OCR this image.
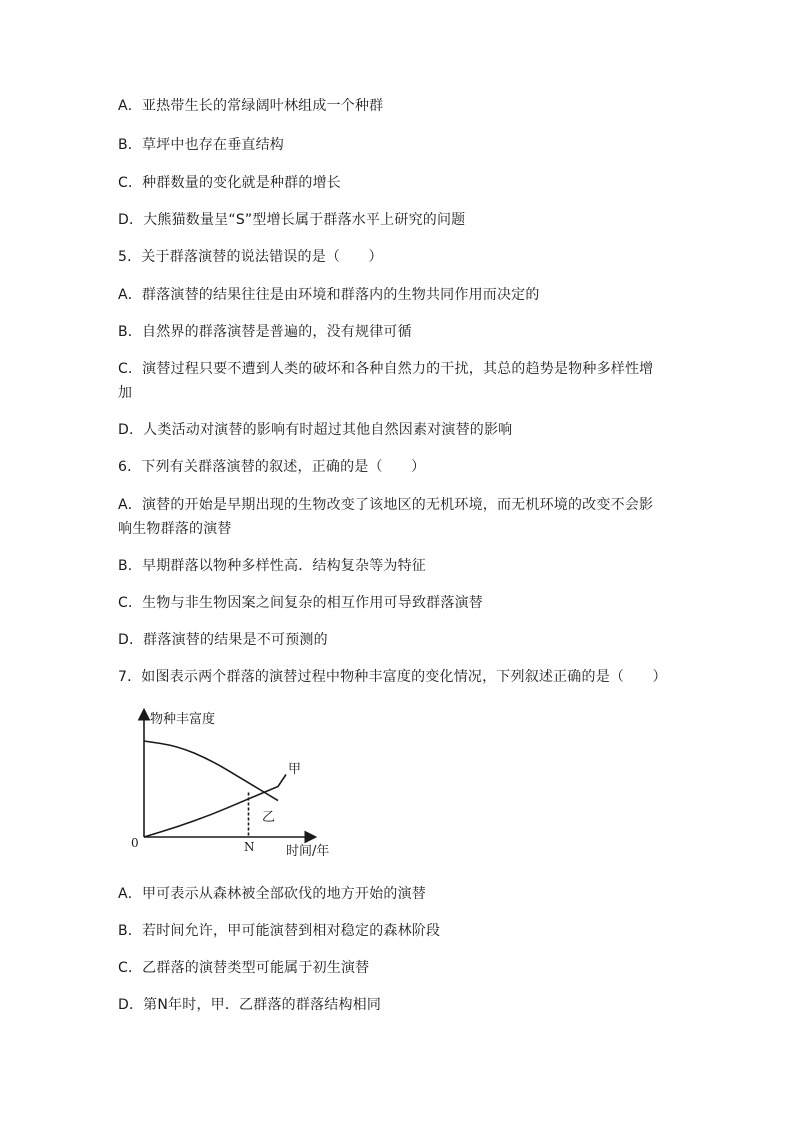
A．亚热带生长的常绿阔叶林组成一个种群
B．草坪中也存在垂直结构
C．种群数量的变化就是种群的增长
D．大熊猫数量呈“S”型增长属于群落水平上研究的问题
5．关于群落演替的说法错误的是（　　）
A．群落演替的结果往往是由环境和群落内的生物共同作用而决定的
B．自然界的群落演替是普遍的，没有规律可循
C．演替过程只要不遭到人类的破坏和各种自然力的干扰，其总的趋势是物种多样性增
加
D．人类活动对演替的影响有时超过其他自然因素对演替的影响
6．下列有关群落演替的叙述，正确的是（　　）
A．演替的开始是早期出现的生物改变了该地区的无机环境，而无机环境的改变不会影
响生物群落的演替
B．早期群落以物种多样性高．结构复杂等为特征
C．生物与非生物因案之间复杂的相互作用可导致群落演替
D．群落演替的结果是不可预测的
7．如图表示两个群落的演替过程中物种丰富度的变化情况，下列叙述正确的是（　　）
物种丰富度
时间/年
0	N
甲
乙
A．甲可表示从森林被全部砍伐的地方开始的演替
B．若时间允许，甲可能演替到相对稳定的森林阶段
C．乙群落的演替类型可能属于初生演替
D．第N年时，甲．乙群落的群落结构相同
